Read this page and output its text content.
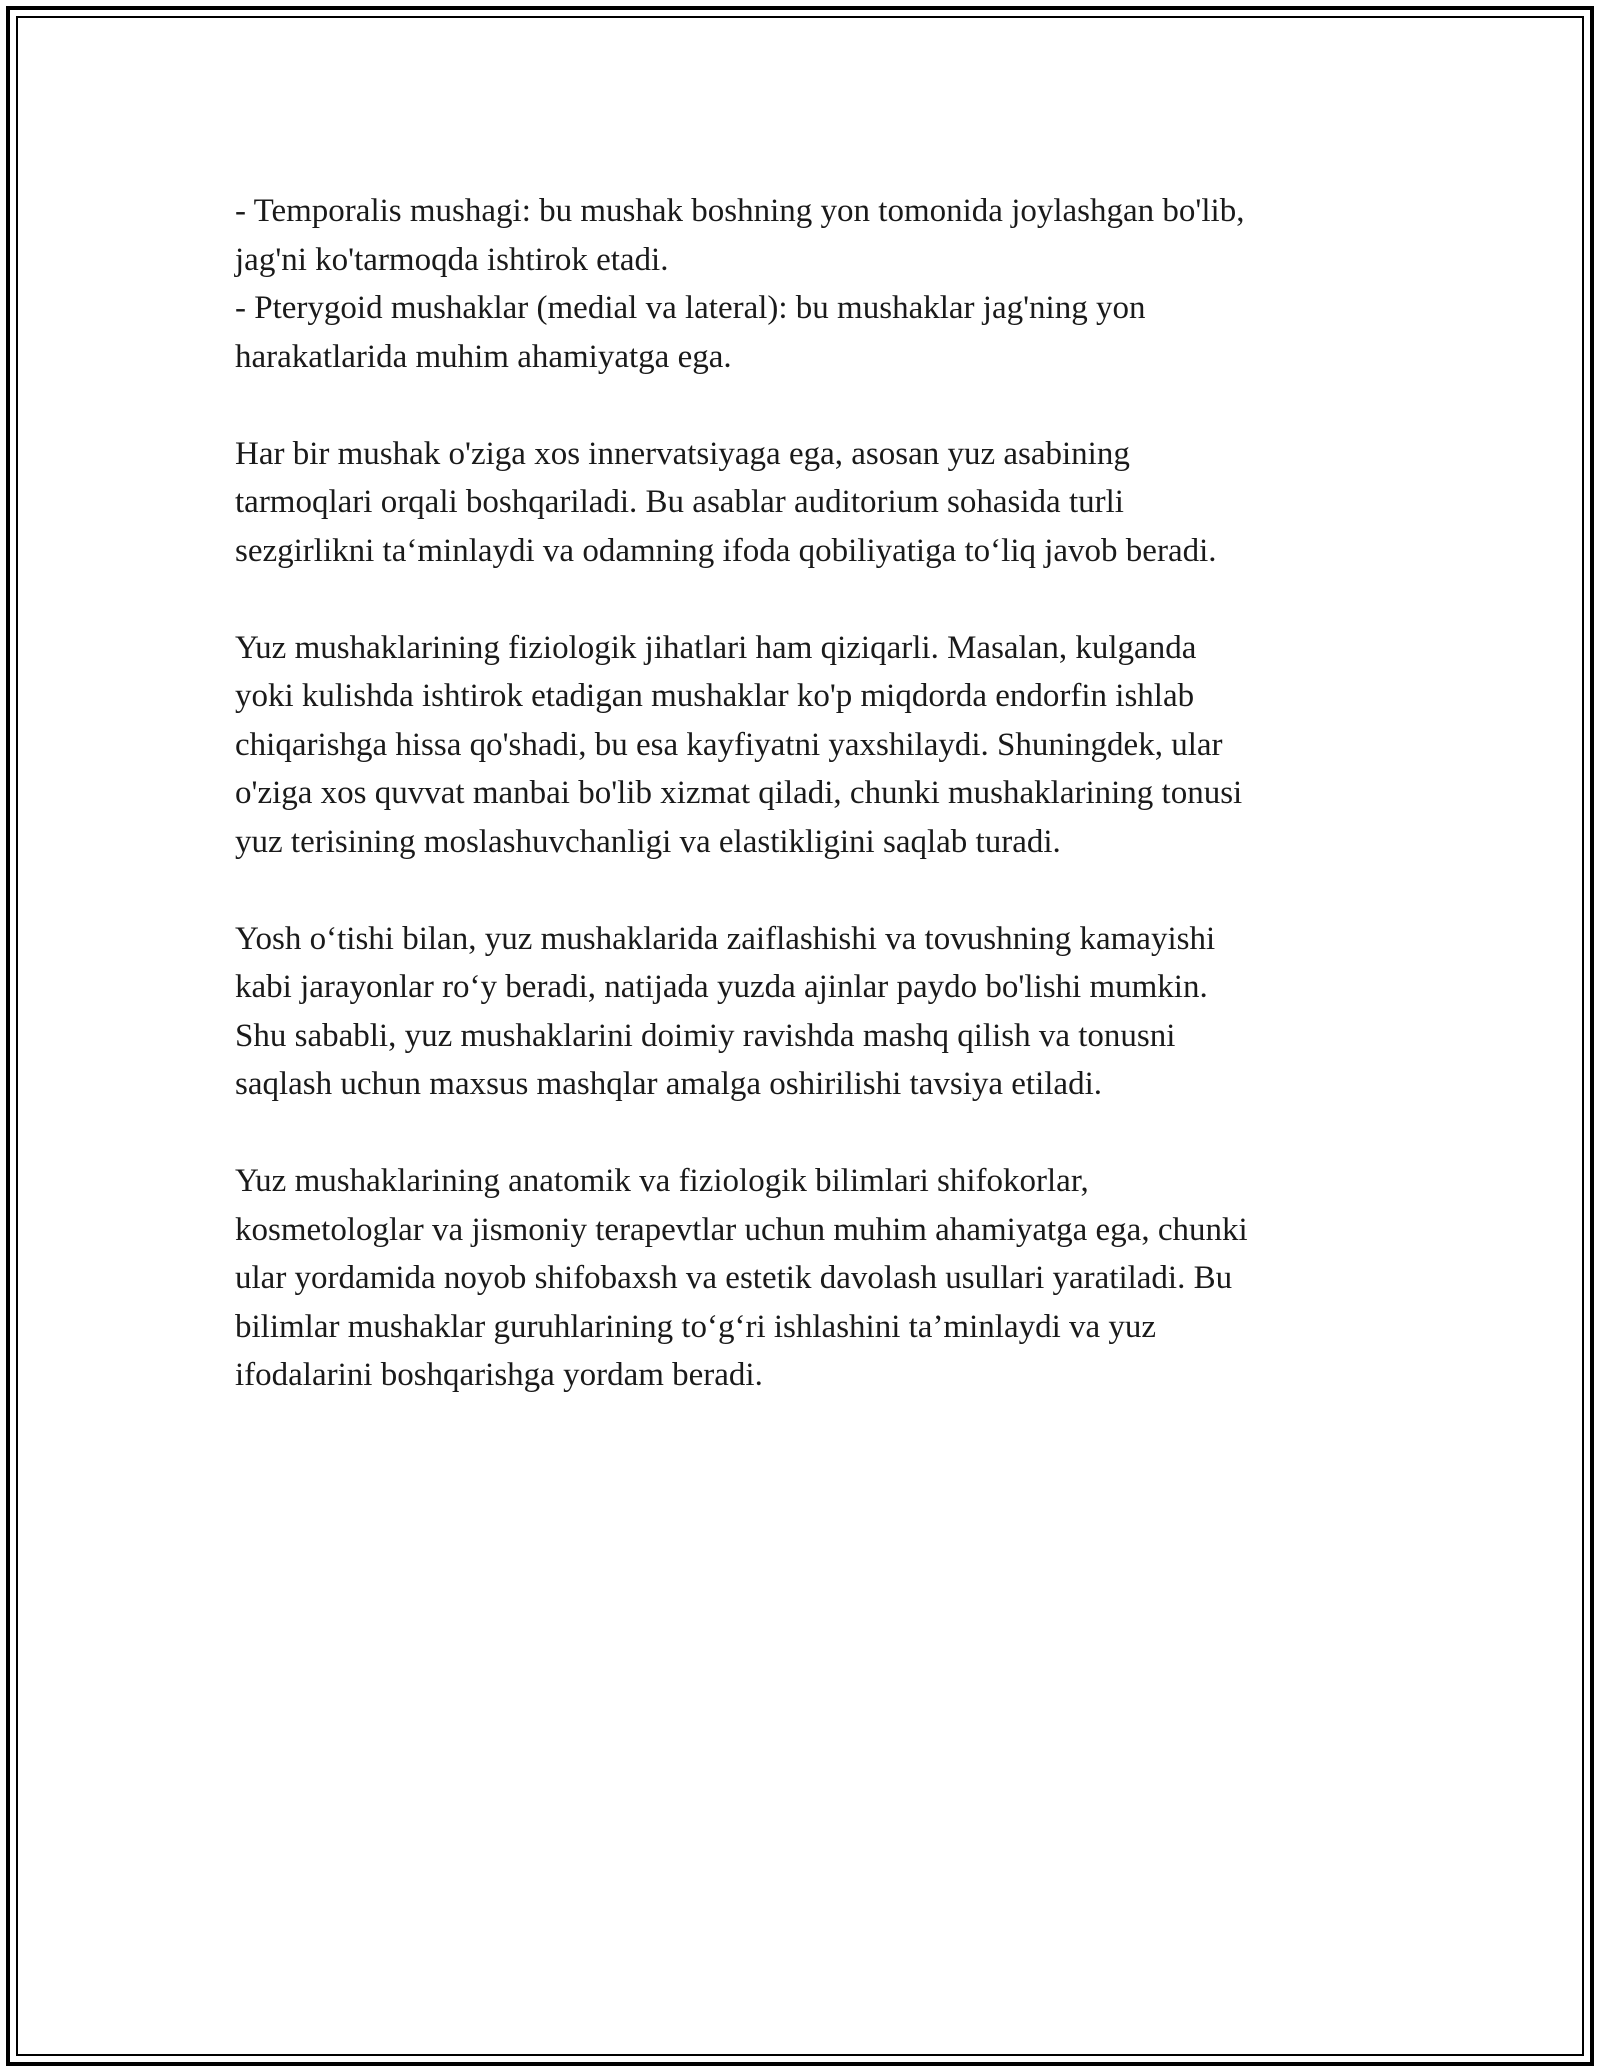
- Temporalis mushagi: bu mushak boshning yon tomonida joylashgan bo'lib,
jag'ni ko'tarmoqda ishtirok etadi.
- Pterygoid mushaklar (medial va lateral): bu mushaklar jag'ning yon
harakatlarida muhim ahamiyatga ega.

Har bir mushak o'ziga xos innervatsiyaga ega, asosan yuz asabining
tarmoqlari orqali boshqariladi. Bu asablar auditorium sohasida turli
sezgirlikni ta‘minlaydi va odamning ifoda qobiliyatiga to‘liq javob beradi.

Yuz mushaklarining fiziologik jihatlari ham qiziqarli. Masalan, kulganda
yoki kulishda ishtirok etadigan mushaklar ko'p miqdorda endorfin ishlab
chiqarishga hissa qo'shadi, bu esa kayfiyatni yaxshilaydi. Shuningdek, ular
o'ziga xos quvvat manbai bo'lib xizmat qiladi, chunki mushaklarining tonusi
yuz terisining moslashuvchanligi va elastikligini saqlab turadi.

Yosh o‘tishi bilan, yuz mushaklarida zaiflashishi va tovushning kamayishi
kabi jarayonlar ro‘y beradi, natijada yuzda ajinlar paydo bo'lishi mumkin.
Shu sababli, yuz mushaklarini doimiy ravishda mashq qilish va tonusni
saqlash uchun maxsus mashqlar amalga oshirilishi tavsiya etiladi.

Yuz mushaklarining anatomik va fiziologik bilimlari shifokorlar,
kosmetologlar va jismoniy terapevtlar uchun muhim ahamiyatga ega, chunki
ular yordamida noyob shifobaxsh va estetik davolash usullari yaratiladi. Bu
bilimlar mushaklar guruhlarining to‘g‘ri ishlashini ta’minlaydi va yuz
ifodalarini boshqarishga yordam beradi.
